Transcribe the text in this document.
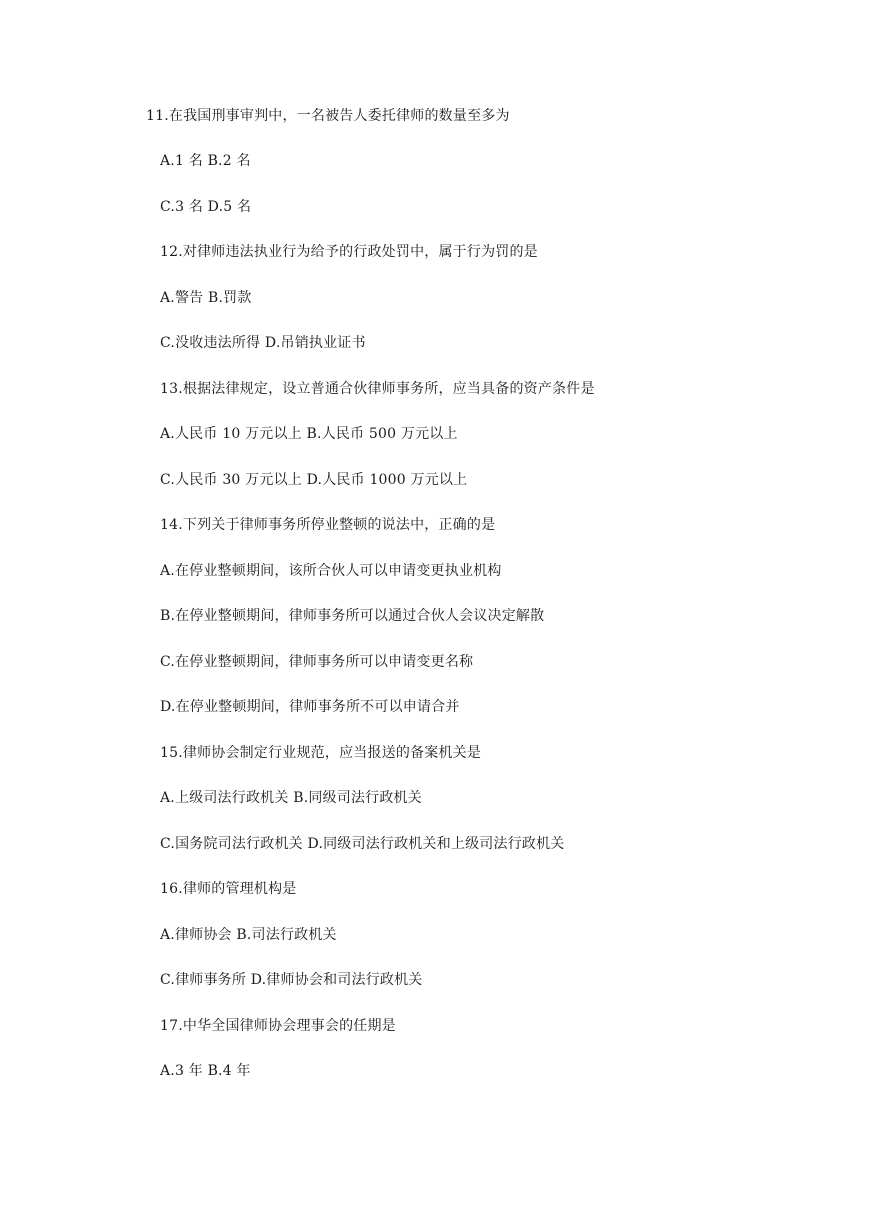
11.在我国刑事审判中，一名被告人委托律师的数量至多为
A.1 名 B.2 名
C.3 名 D.5 名
12.对律师违法执业行为给予的行政处罚中，属于行为罚的是
A.警告 B.罚款
C.没收违法所得 D.吊销执业证书
13.根据法律规定，设立普通合伙律师事务所，应当具备的资产条件是
A.人民币 10 万元以上 B.人民币 500 万元以上
C.人民币 30 万元以上 D.人民币 1000 万元以上
14.下列关于律师事务所停业整顿的说法中，正确的是
A.在停业整顿期间，该所合伙人可以申请变更执业机构
B.在停业整顿期间，律师事务所可以通过合伙人会议决定解散
C.在停业整顿期间，律师事务所可以申请变更名称
D.在停业整顿期间，律师事务所不可以申请合并
15.律师协会制定行业规范，应当报送的备案机关是
A.上级司法行政机关 B.同级司法行政机关
C.国务院司法行政机关 D.同级司法行政机关和上级司法行政机关
16.律师的管理机构是
A.律师协会 B.司法行政机关
C.律师事务所 D.律师协会和司法行政机关
17.中华全国律师协会理事会的任期是
A.3 年 B.4 年
